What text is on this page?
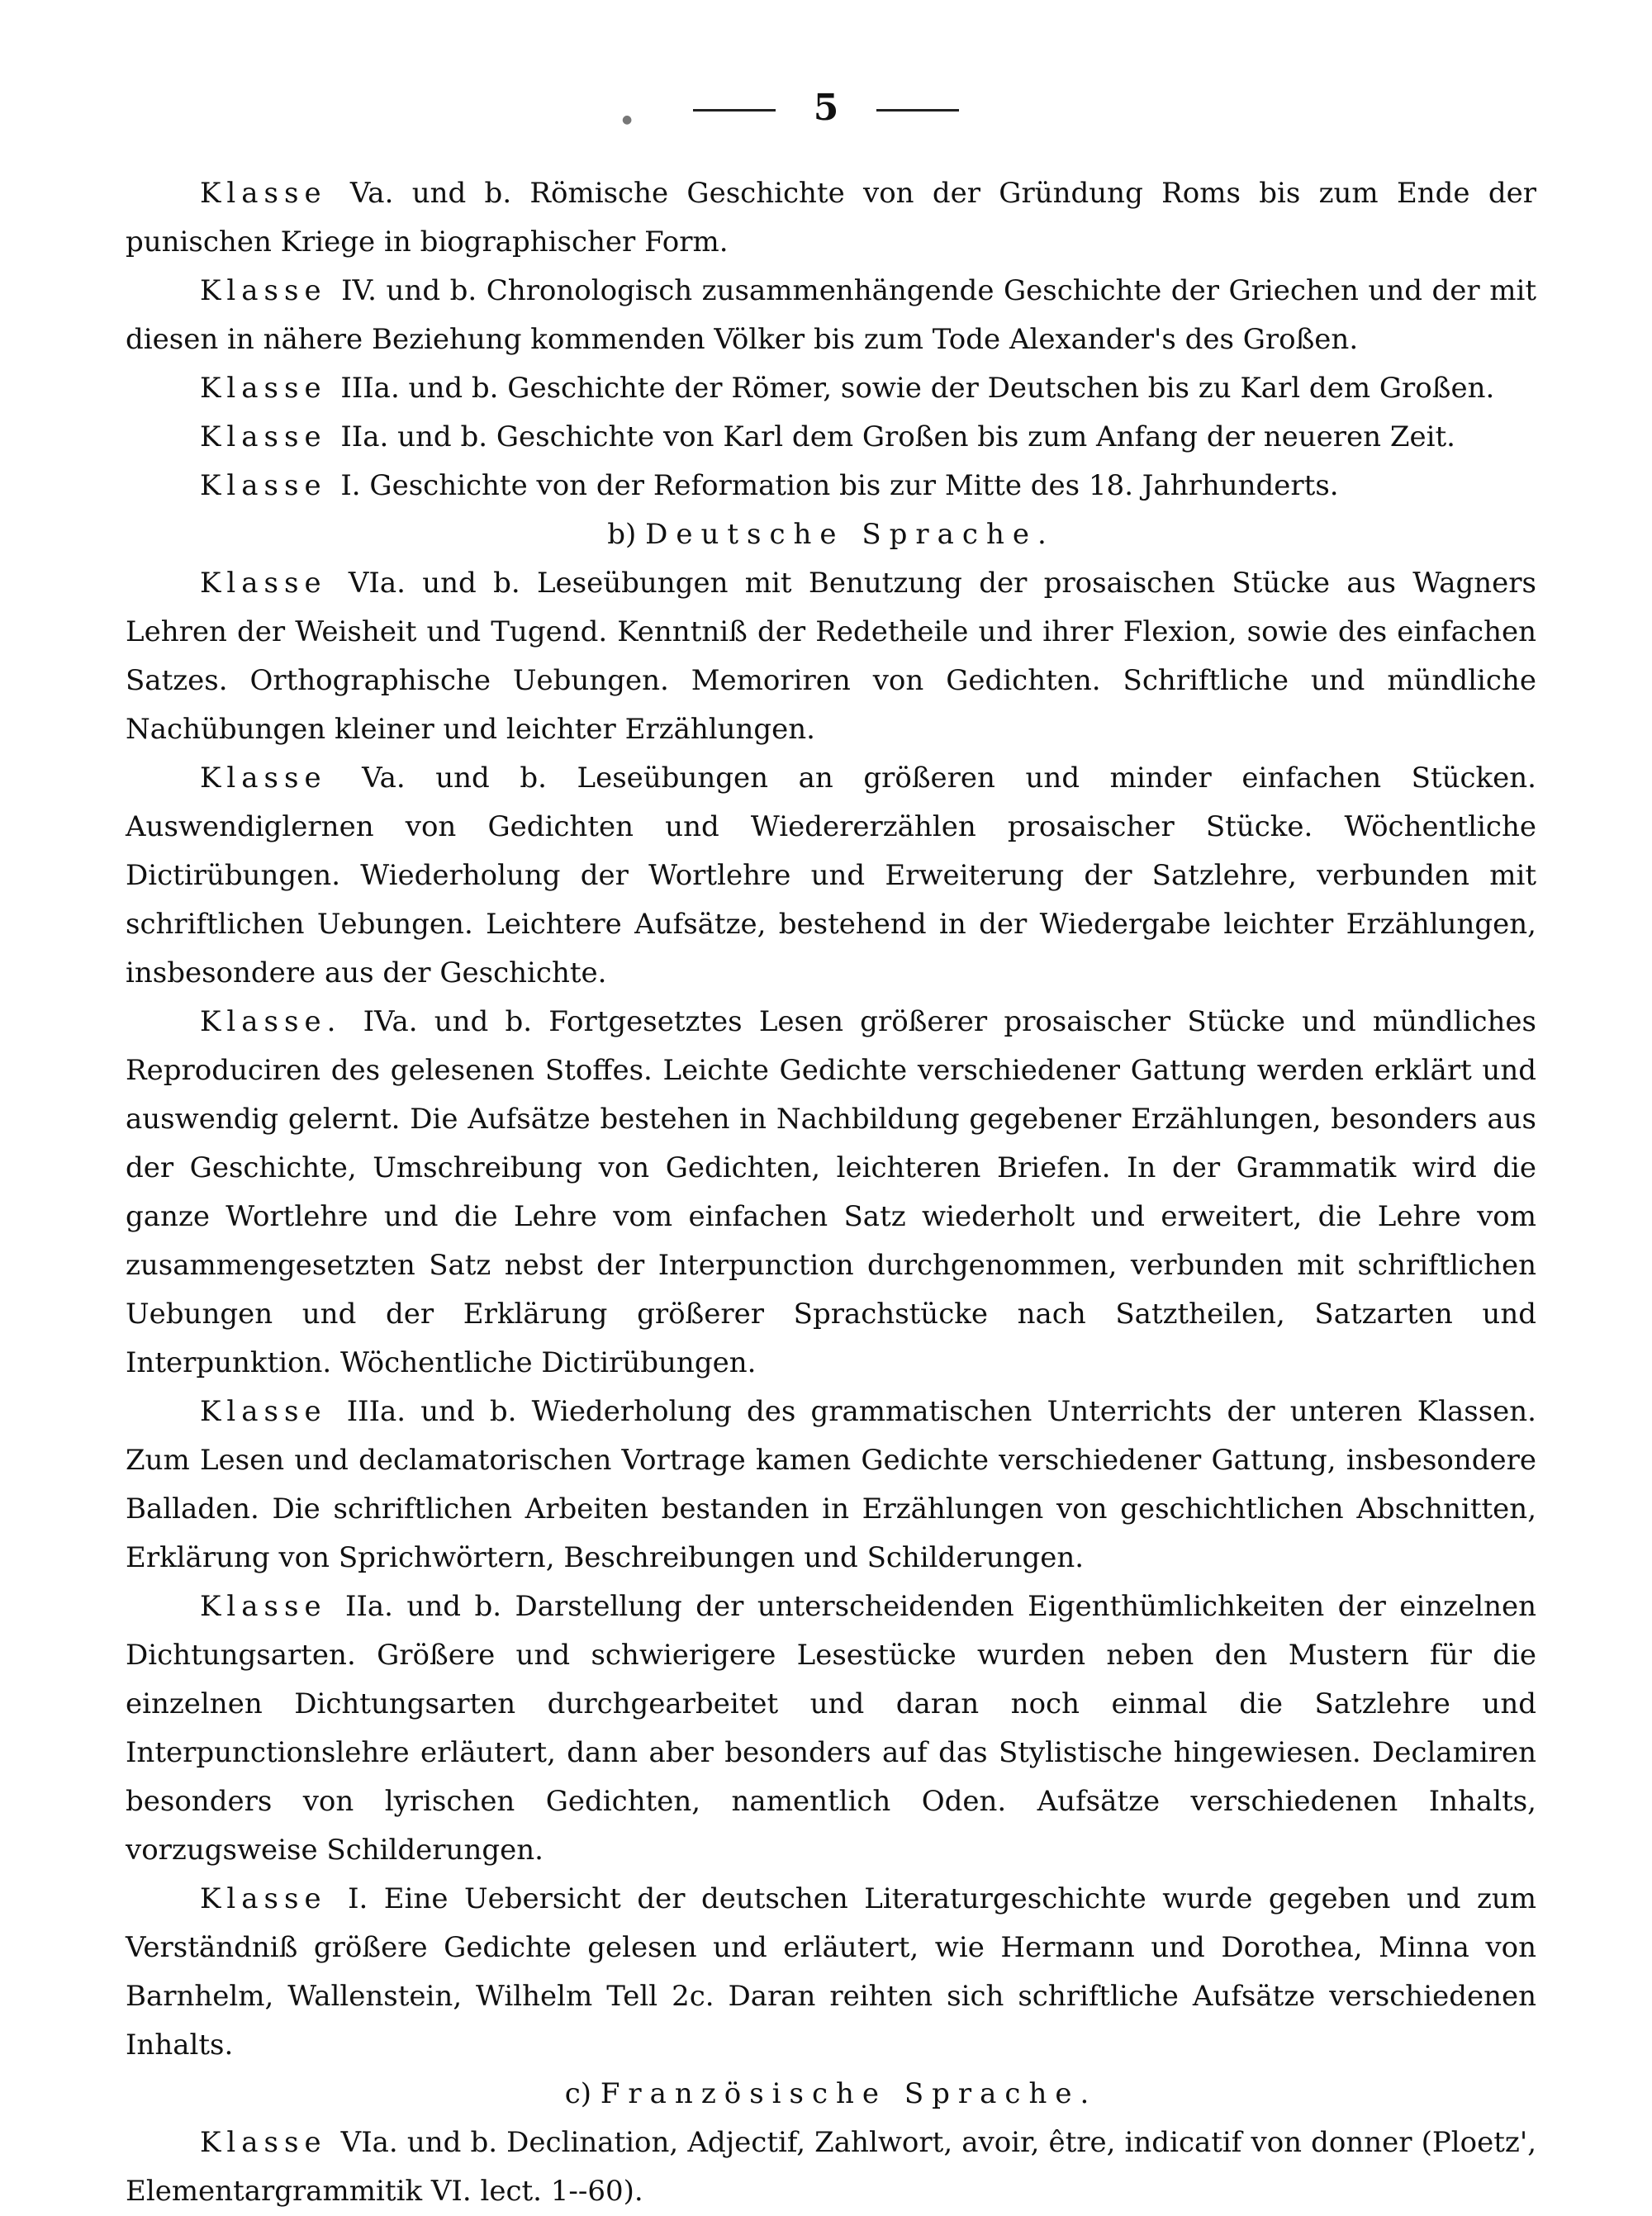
●	5

Klasse Va. und b. Römische Geschichte von der Gründung Roms bis zum Ende der punischen Kriege in biographischer Form.

Klasse IV. und b. Chronologisch zusammenhängende Geschichte der Griechen und der mit diesen in nähere Beziehung kommenden Völker bis zum Tode Alexander's des Großen.

Klasse IIIa. und b. Geschichte der Römer, sowie der Deutschen bis zu Karl dem Großen.

Klasse IIa. und b. Geschichte von Karl dem Großen bis zum Anfang der neueren Zeit.

Klasse I. Geschichte von der Reformation bis zur Mitte des 18. Jahrhunderts.

b) Deutsche Sprache.

Klasse VIa. und b. Leseübungen mit Benutzung der prosaischen Stücke aus Wagners Lehren der Weisheit und Tugend. Kenntniß der Redetheile und ihrer Flexion, sowie des einfachen Satzes. Orthographische Uebungen. Memoriren von Gedichten. Schriftliche und mündliche Nachübungen kleiner und leichter Erzählungen.

Klasse Va. und b. Leseübungen an größeren und minder einfachen Stücken. Auswendiglernen von Gedichten und Wiedererzählen prosaischer Stücke. Wöchentliche Dictirübungen. Wiederholung der Wortlehre und Erweiterung der Satzlehre, verbunden mit schriftlichen Uebungen. Leichtere Aufsätze, bestehend in der Wiedergabe leichter Erzählungen, insbesondere aus der Geschichte.

Klasse. IVa. und b. Fortgesetztes Lesen größerer prosaischer Stücke und mündliches Reproduciren des gelesenen Stoffes. Leichte Gedichte verschiedener Gattung werden erklärt und auswendig gelernt. Die Aufsätze bestehen in Nachbildung gegebener Erzählungen, besonders aus der Geschichte, Umschreibung von Gedichten, leichteren Briefen. In der Grammatik wird die ganze Wortlehre und die Lehre vom einfachen Satz wiederholt und erweitert, die Lehre vom zusammengesetzten Satz nebst der Interpunction durchgenommen, verbunden mit schriftlichen Uebungen und der Erklärung größerer Sprachstücke nach Satztheilen, Satzarten und Interpunktion. Wöchentliche Dictirübungen.

Klasse IIIa. und b. Wiederholung des grammatischen Unterrichts der unteren Klassen. Zum Lesen und declamatorischen Vortrage kamen Gedichte verschiedener Gattung, insbesondere Balladen. Die schriftlichen Arbeiten bestanden in Erzählungen von geschichtlichen Abschnitten, Erklärung von Sprichwörtern, Beschreibungen und Schilderungen.

Klasse IIa. und b. Darstellung der unterscheidenden Eigenthümlichkeiten der einzelnen Dichtungsarten. Größere und schwierigere Lesestücke wurden neben den Mustern für die einzelnen Dichtungsarten durchgearbeitet und daran noch einmal die Satzlehre und Interpunctionslehre erläutert, dann aber besonders auf das Stylistische hingewiesen. Declamiren besonders von lyrischen Gedichten, namentlich Oden. Aufsätze verschiedenen Inhalts, vorzugsweise Schilderungen.

Klasse I. Eine Uebersicht der deutschen Literaturgeschichte wurde gegeben und zum Verständniß größere Gedichte gelesen und erläutert, wie Hermann und Dorothea, Minna von Barnhelm, Wallenstein, Wilhelm Tell 2c. Daran reihten sich schriftliche Aufsätze verschiedenen Inhalts.

c) Französische Sprache.

Klasse VIa. und b. Declination, Adjectif, Zahlwort, avoir, être, indicatif von donner (Ploetz', Elementargrammitik VI. lect. 1--60).
